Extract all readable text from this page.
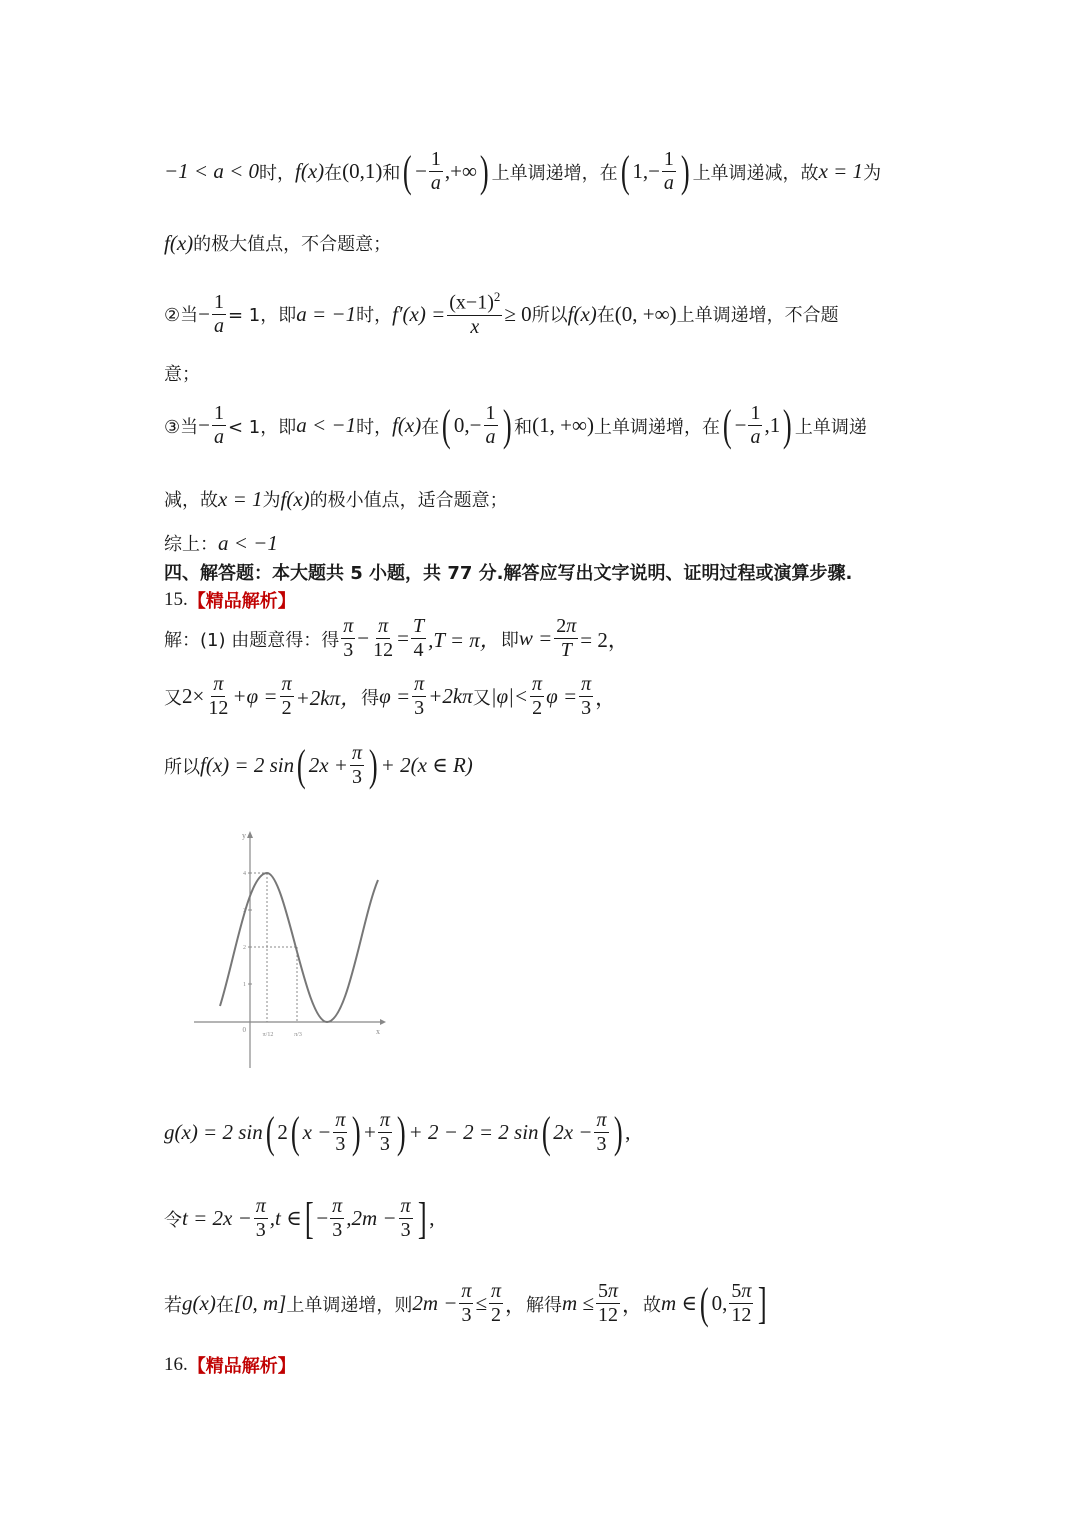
−1 < a < 0 时， f(x) 在 (0,1) 和 ( − $\frac{1}{a}$ ,+∞ ) 上单调递增，在 ( $1,- \frac{1}{a}$ ) 上单调递减，故 x = 1 为
f(x) 的极大值点，不合题意；
②当 − $\frac{1}{a} = 1$，即 a = −1 时， $f'(x) = \frac{(x-1)^2}{x} \ge 0$ 所以 f(x) 在 (0, +∞) 上单调递增，不合题
意；
③当 − $\frac{1}{a} < 1$，即 a < −1 时， f(x) 在 ( $0,- \frac{1}{a}$ ) 和 (1, +∞) 上单调递增，在 ( − $\frac{1}{a} ,1$ ) 上单调递
减，故 x = 1 为 f(x) 的极小值点，适合题意；
综上： a < −1
四、解答题：本大题共 5 小题，共 77 分.解答应写出文字说明、证明过程或演算步骤.
15. 【精品解析】
解：(1) 由题意得：得 $\frac{\pi}{3} - \frac{\pi}{12} = \frac{T}{4} ,T = \pi$， 即 $w = \frac{2\pi}{T} = 2$，
又 $2\times \frac{\pi}{12} +\varphi = \frac{\pi}{2} +2k\pi$， 得 $\varphi = \frac{\pi}{3} +2k\pi$ 又 $|\varphi|< \frac{\pi}{2}$ $\varphi = \frac{\pi}{3}$ ，
所以 f(x) = 2 sin ( $2x + \frac{\pi}{3}$ ) + 2(x ∈ R)
y
x
0
1
2
3
4
π/12	π/3
g(x) = 2 sin ( 2 ( $x - \frac{\pi}{3}$ ) + $\frac{\pi}{3}$ ) + 2 − 2 = 2 sin ( $2x - \frac{\pi}{3}$ ) ,
令 $t = 2x - \frac{\pi}{3} ,t$ ∈ [ − $\frac{\pi}{3} ,2m - \frac{\pi}{3}$ ] ,
若 g(x) 在 [0, m] 上单调递增，则 $2m - \frac{\pi}{3} \le \frac{\pi}{2}$ ， 解得 $m \le \frac{5\pi}{12}$ ， 故 m ∈ ( 0, $\frac{5\pi}{12}$ ]
16. 【精品解析】
